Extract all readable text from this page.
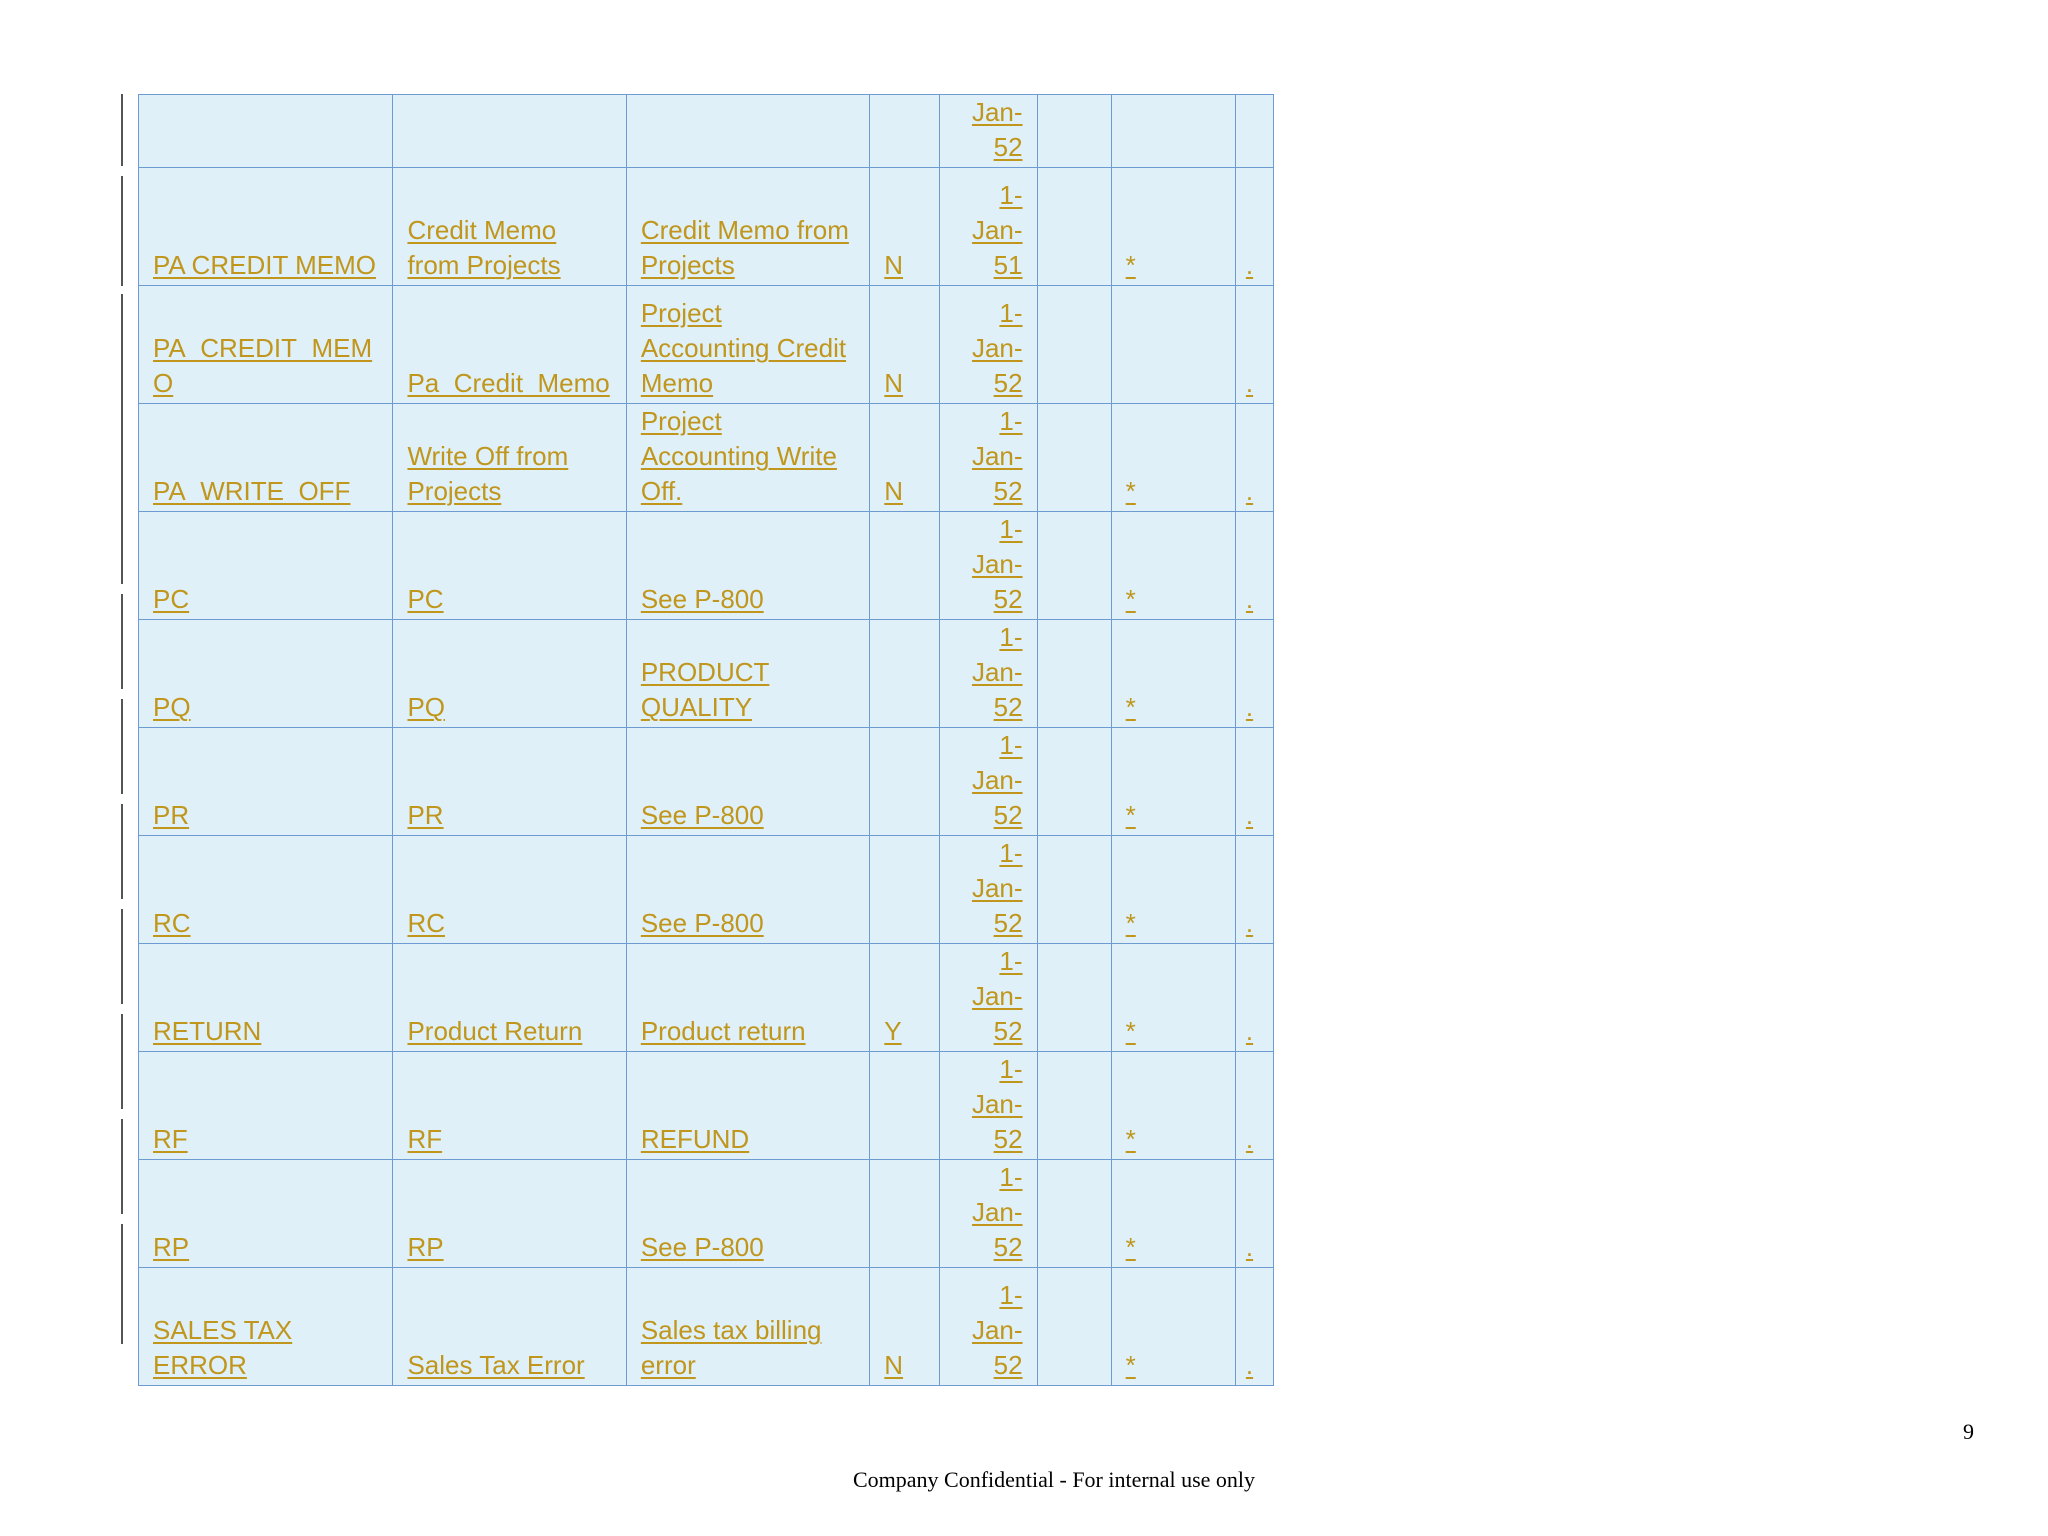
				Jan-
52			
PA CREDIT MEMO	Credit Memo from Projects	Credit Memo from Projects	N	1-
Jan-
51		*	.
PA_CREDIT_MEMO	Pa_Credit_Memo	Project Accounting Credit Memo	N	1-
Jan-
52			.
PA_WRITE_OFF	Write Off from Projects	Project Accounting Write Off.	N	1-
Jan-
52		*	.
PC	PC	See P-800		1-
Jan-
52		*	.
PQ	PQ	PRODUCT QUALITY		1-
Jan-
52		*	.
PR	PR	See P-800		1-
Jan-
52		*	.
RC	RC	See P-800		1-
Jan-
52		*	.
RETURN	Product Return	Product return	Y	1-
Jan-
52		*	.
RF	RF	REFUND		1-
Jan-
52		*	.
RP	RP	See P-800		1-
Jan-
52		*	.
SALES TAX ERROR	Sales Tax Error	Sales tax billing error	N	1-
Jan-
52		*	.
9
Company Confidential - For internal use only
